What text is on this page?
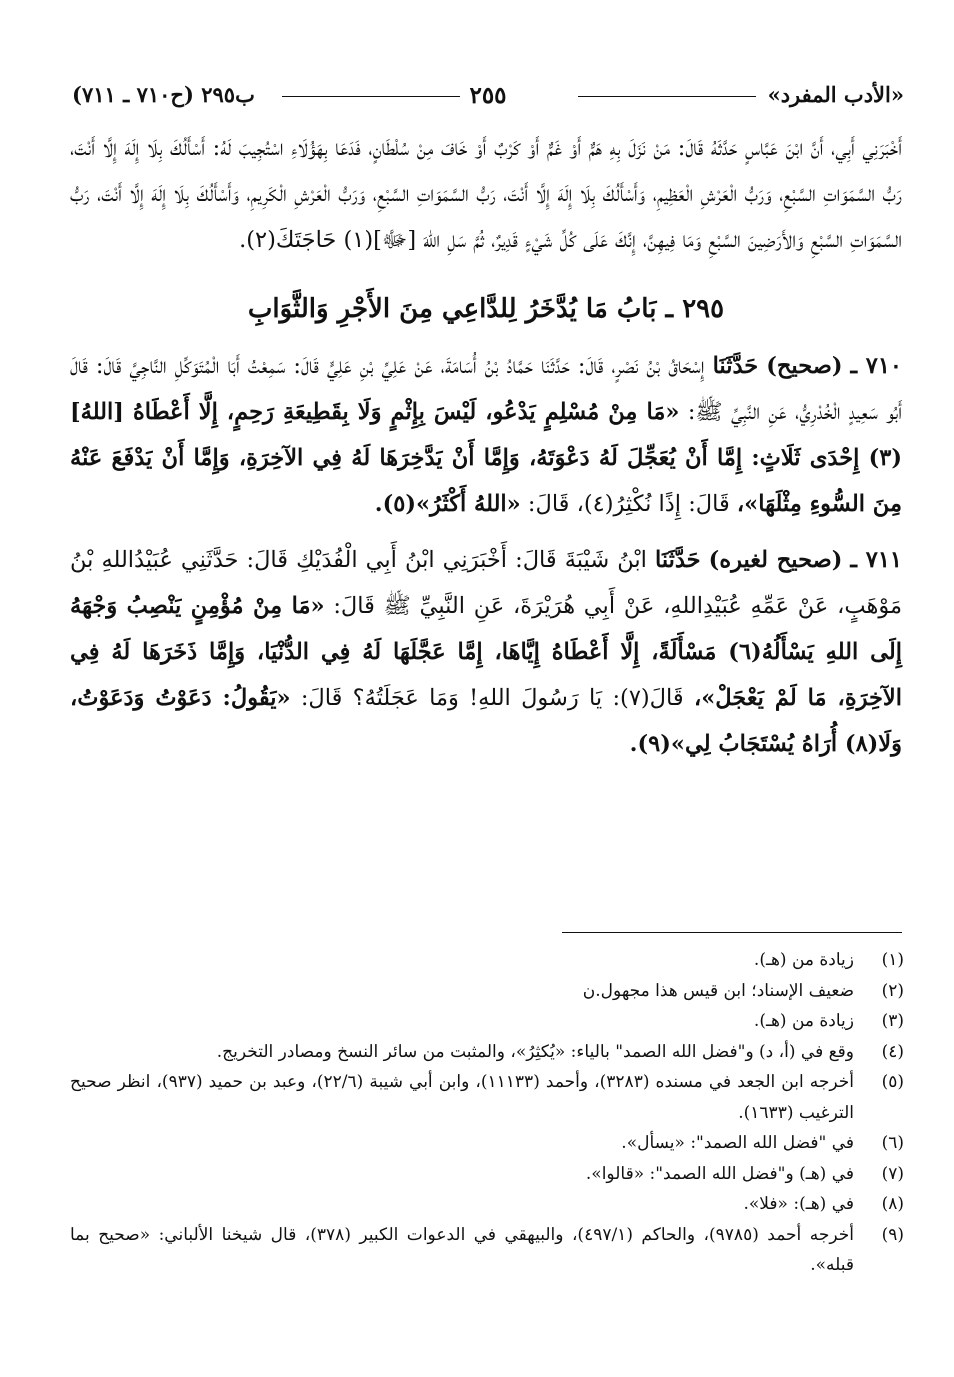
«الأدب المفرد»
٢٥٥
ب٢٩٥ (ح٧١٠ ـ ٧١١)

أَخْبَرَنِي أَبِي، أَنَّ ابْنَ عَبَّاسٍ حَدَّثَهُ قَالَ: مَنْ نَزَلَ بِهِ هَمٌّ أَوْ غَمٌّ أَوْ كَرْبٌ أَوْ خَافَ مِنْ سُلْطَانٍ، فَدَعَا بِهَؤُلَاءِ اسْتُجِيبَ لَهُ: أَسْأَلُكَ بِلَا إِلَهَ إِلَّا أَنْتَ، رَبُّ السَّمَوَاتِ السَّبْعِ، وَرَبُّ الْعَرْشِ الْعَظِيمِ، وَأَسْأَلُكَ بِلَا إِلَهَ إِلَّا أَنْتَ، رَبُّ السَّمَوَاتِ السَّبْعِ، وَرَبُّ الْعَرْشِ الْكَرِيمِ، وَأَسْأَلُكَ بِلَا إِلَهَ إِلَّا أَنْتَ، رَبُّ السَّمَوَاتِ السَّبْعِ وَالأَرَضِينَ السَّبْعِ وَمَا فِيهِنَّ، إِنَّكَ عَلَى كُلِّ شَيْءٍ قَدِيرٌ، ثُمَّ سَلِ اللهَ [ﷻ](١) حَاجَتَكَ(٢).

٢٩٥ ـ بَابُ مَا يُدَّخَرُ لِلدَّاعِي مِنَ الأَجْرِ وَالثَّوَابِ

٧١٠ ـ (صحيح) حَدَّثَنَا إِسْحَاقُ بْنُ نَصْرٍ، قَالَ: حَدَّثَنَا حَمَّادُ بْنُ أُسَامَةَ، عَنْ عَلِيِّ بْنِ عَلِيٍّ قَالَ: سَمِعْتُ أَبَا الْمُتَوَكِّلِ النَّاجِيَّ قَالَ: قَالَ أَبُو سَعِيدٍ الْخُدْرِيُّ، عَنِ النَّبِيِّ ﷺ: «مَا مِنْ مُسْلِمٍ يَدْعُو، لَيْسَ بِإِثْمٍ وَلَا بِقَطِيعَةِ رَحِمٍ، إِلَّا أَعْطَاهُ [اللهُ](٣) إِحْدَى ثَلَاثٍ: إِمَّا أَنْ يُعَجِّلَ لَهُ دَعْوَتَهُ، وَإِمَّا أَنْ يَدَّخِرَهَا لَهُ فِي الآخِرَةِ، وَإِمَّا أَنْ يَدْفَعَ عَنْهُ مِنَ السُّوءِ مِثْلَهَا»، قَالَ: إِذًا نُكْثِرُ(٤)، قَالَ: «اللهُ أَكْثَرُ»(٥).

٧١١ ـ (صحيح لغيره) حَدَّثَنَا ابْنُ شَيْبَةَ قَالَ: أَخْبَرَنِي ابْنُ أَبِي الْفُدَيْكِ قَالَ: حَدَّثَنِي عُبَيْدُاللهِ بْنُ مَوْهَبٍ، عَنْ عَمِّهِ عُبَيْدِاللهِ، عَنْ أَبِي هُرَيْرَةَ، عَنِ النَّبِيِّ ﷺ قَالَ: «مَا مِنْ مُؤْمِنٍ يَنْصِبُ وَجْهَهُ إِلَى اللهِ يَسْأَلُهُ(٦) مَسْأَلَةً، إِلَّا أَعْطَاهُ إِيَّاهَا، إِمَّا عَجَّلَهَا لَهُ فِي الدُّنْيَا، وَإِمَّا ذَخَرَهَا لَهُ فِي الآخِرَةِ، مَا لَمْ يَعْجَلْ»، قَالَ(٧): يَا رَسُولَ اللهِ! وَمَا عَجَلَتُهُ؟ قَالَ: «يَقُولُ: دَعَوْتُ وَدَعَوْتُ، وَلَا(٨) أُرَاهُ يُسْتَجَابُ لِي»(٩).

(١)
زيادة من (هـ).
(٢)
ضعيف الإسناد؛ ابن قيس هذا مجهول.ن
(٣)
زيادة من (هـ).
(٤)
وقع في (أ، د) و"فضل الله الصمد" بالياء: «يُكثِرُ»، والمثبت من سائر النسخ ومصادر التخريج.
(٥)
أخرجه ابن الجعد في مسنده (٣٢٨٣)، وأحمد (١١١٣٣)، وابن أبي شيبة (٢٢/٦)، وعبد بن حميد (٩٣٧)، انظر صحيح الترغيب (١٦٣٣).
(٦)
في "فضل الله الصمد": «يسأل».
(٧)
في (هـ) و"فضل الله الصمد": «قالوا».
(٨)
في (هـ): «فلا».
(٩)
أخرجه أحمد (٩٧٨٥)، والحاكم (٤٩٧/١)، والبيهقي في الدعوات الكبير (٣٧٨)، قال شيخنا الألباني: «صحيح بما قبله».
